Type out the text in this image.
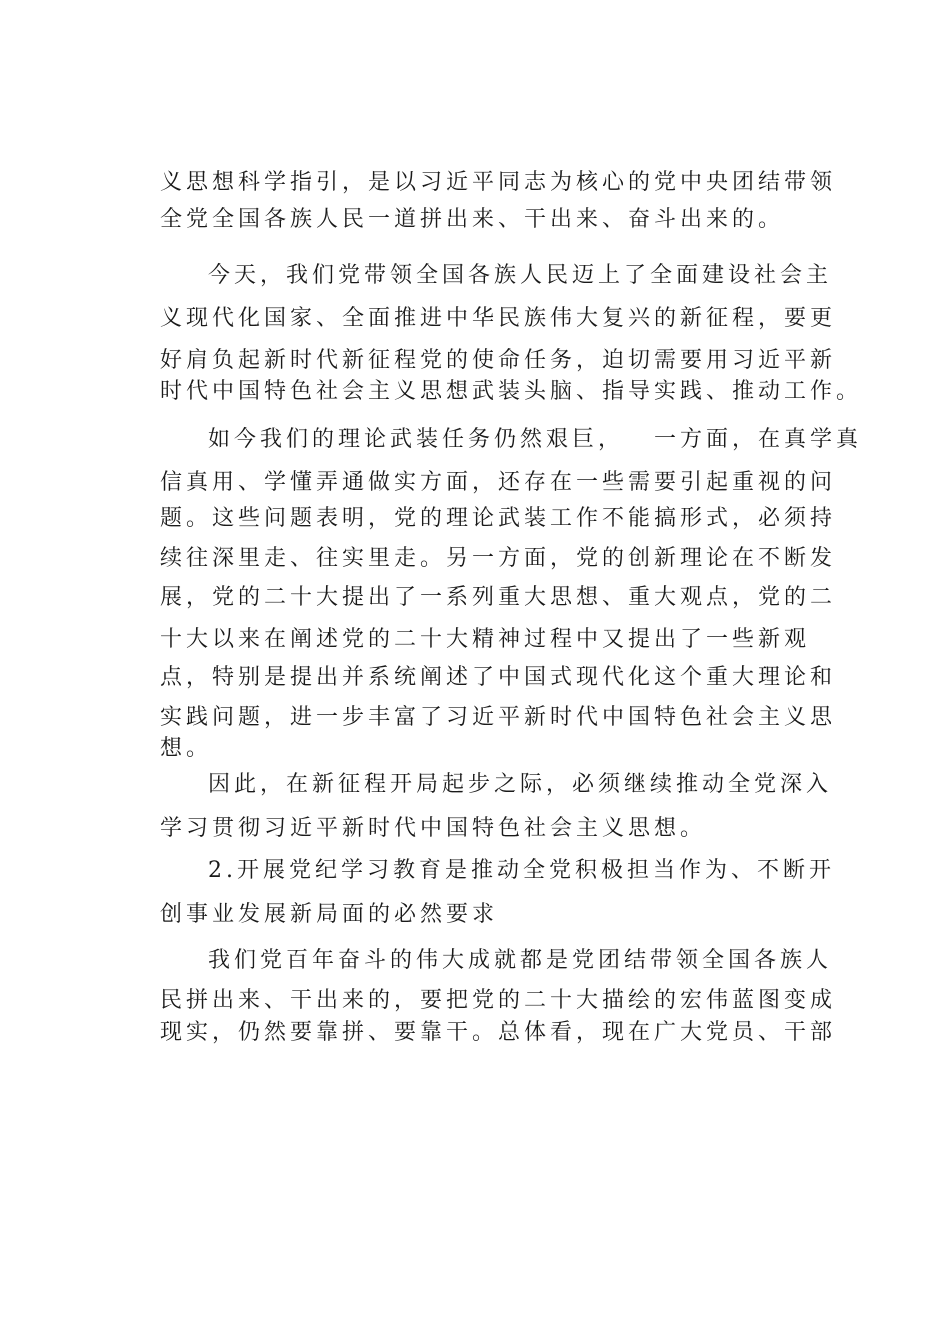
义思想科学指引，是以习近平同志为核心的党中央团结带领
全党全国各族人民一道拼出来、干出来、奋斗出来的。
今天，我们党带领全国各族人民迈上了全面建设社会主
义现代化国家、全面推进中华民族伟大复兴的新征程，要更
好肩负起新时代新征程党的使命任务，迫切需要用习近平新
时代中国特色社会主义思想武装头脑、指导实践、推动工作。
如今我们的理论武装任务仍然艰巨， 一方面，在真学真
信真用、学懂弄通做实方面，还存在一些需要引起重视的问
题。这些问题表明，党的理论武装工作不能搞形式，必须持
续往深里走、往实里走。另一方面，党的创新理论在不断发
展，党的二十大提出了一系列重大思想、重大观点，党的二
十大以来在阐述党的二十大精神过程中又提出了一些新观
点，特别是提出并系统阐述了中国式现代化这个重大理论和
实践问题，进一步丰富了习近平新时代中国特色社会主义思
想。
因此，在新征程开局起步之际，必须继续推动全党深入
学习贯彻习近平新时代中国特色社会主义思想。
2.开展党纪学习教育是推动全党积极担当作为、不断开
创事业发展新局面的必然要求
我们党百年奋斗的伟大成就都是党团结带领全国各族人
民拼出来、干出来的，要把党的二十大描绘的宏伟蓝图变成
现实，仍然要靠拼、要靠干。总体看，现在广大党员、干部
